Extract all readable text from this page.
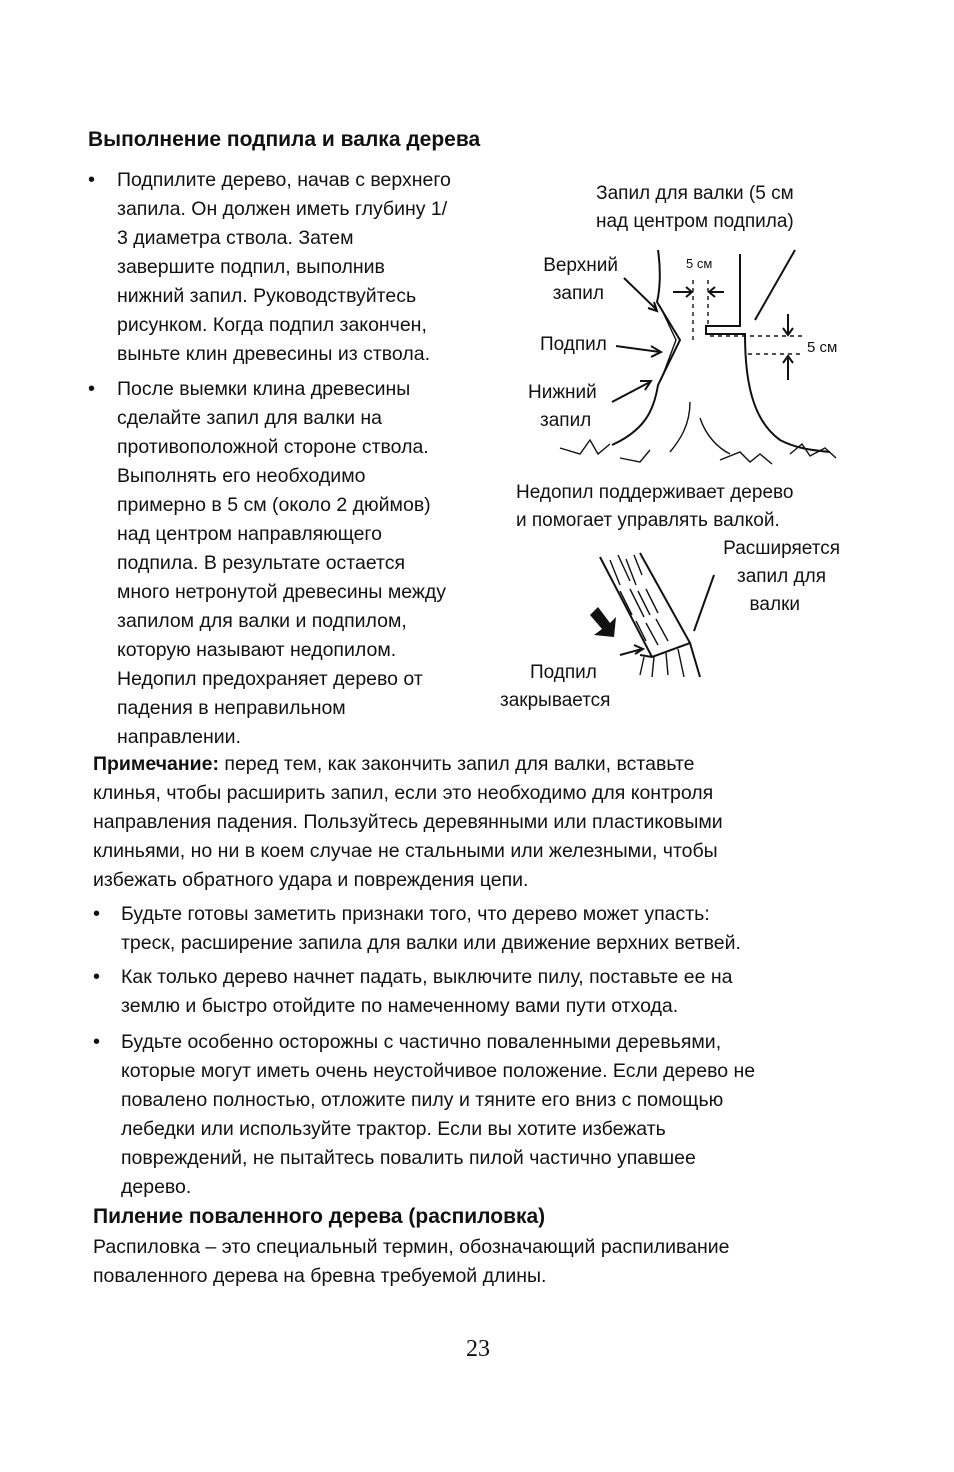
Выполнение подпила и валка дерева
• Подпилите дерево, начав с верхнего
запила. Он должен иметь глубину 1/
3 диаметра ствола. Затем
завершите подпил, выполнив
нижний запил. Руководствуйтесь
рисунком. Когда подпил закончен,
выньте клин древесины из ствола.
• После выемки клина древесины
сделайте запил для валки на
противоположной стороне ствола.
Выполнять его необходимо
примерно в 5 см (около 2 дюймов)
над центром направляющего
подпила. В результате остается
много нетронутой древесины между
запилом для валки и подпилом,
которую называют недопилом.
Недопил предохраняет дерево от
падения в неправильном
направлении.
Запил для валки (5 см
над центром подпила)
Верхний
запил
Подпил
Нижний
запил
5 см
5 см
Недопил поддерживает дерево
и помогает управлять валкой.
Расширяется
запил для
валки
Подпил
закрывается
Примечание: перед тем, как закончить запил для валки, вставьте
клинья, чтобы расширить запил, если это необходимо для контроля
направления падения. Пользуйтесь деревянными или пластиковыми
клиньями, но ни в коем случае не стальными или железными, чтобы
избежать обратного удара и повреждения цепи.
• Будьте готовы заметить признаки того, что дерево может упасть:
треск, расширение запила для валки или движение верхних ветвей.
• Как только дерево начнет падать, выключите пилу, поставьте ее на
землю и быстро отойдите по намеченному вами пути отхода.
• Будьте особенно осторожны с частично поваленными деревьями,
которые могут иметь очень неустойчивое положение. Если дерево не
повалено полностью, отложите пилу и тяните его вниз с помощью
лебедки или используйте трактор. Если вы хотите избежать
повреждений, не пытайтесь повалить пилой частично упавшее
дерево.
Пиление поваленного дерева (распиловка)
Распиловка – это специальный термин, обозначающий распиливание
поваленного дерева на бревна требуемой длины.
23
